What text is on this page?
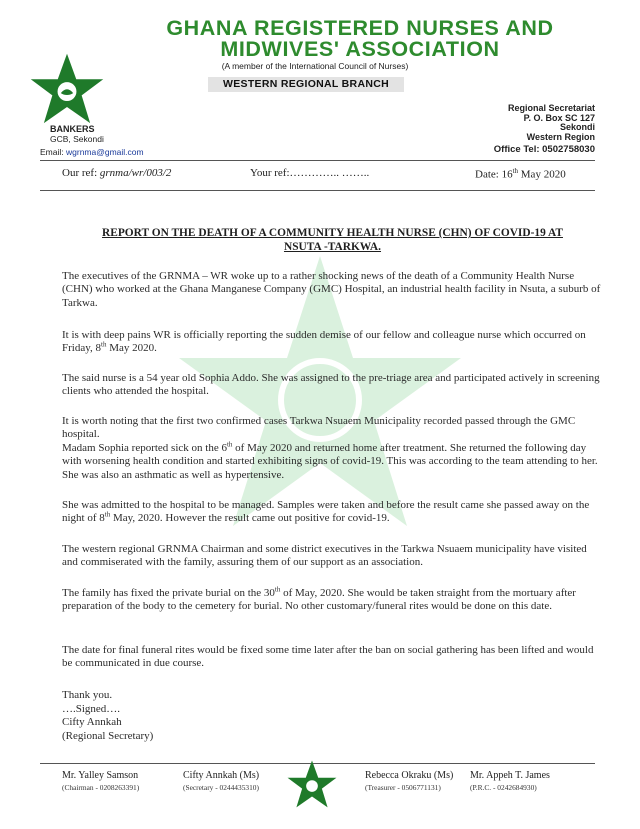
GHANA REGISTERED NURSES AND
MIDWIVES' ASSOCIATION
(A member of the International Council of Nurses)
WESTERN REGIONAL BRANCH
BANKERS
GCB, Sekondi
Email: wgrnma@gmail.com
Regional Secretariat
P. O. Box SC 127
Sekondi
Western Region
Office Tel: 0502758030
Our ref: grnma/wr/003/2	Your ref:………….. ……..	Date: 16th May 2020
REPORT ON THE DEATH OF A COMMUNITY HEALTH NURSE (CHN) OF COVID-19 AT
NSUTA -TARKWA.
The executives of the GRNMA – WR woke up to a rather shocking news of the death of a Community Health Nurse (CHN) who worked at the Ghana Manganese Company (GMC) Hospital, an industrial health facility in Nsuta, a suburb of Tarkwa.
It is with deep pains WR is officially reporting the sudden demise of our fellow and colleague nurse which occurred on Friday, 8th May 2020.
The said nurse is a 54 year old Sophia Addo. She was assigned to the pre-triage area and participated actively in screening clients who attended the hospital.
It is worth noting that the first two confirmed cases Tarkwa Nsuaem Municipality recorded passed through the GMC hospital.
Madam Sophia reported sick on the 6th of May 2020 and returned home after treatment. She returned the following day with worsening health condition and started exhibiting signs of covid-19. This was according to the team attending to her. She was also an asthmatic as well as hypertensive.
She was admitted to the hospital to be managed. Samples were taken and before the result came she passed away on the night of 8th May, 2020. However the result came out positive for covid-19.
The western regional GRNMA Chairman and some district executives in the Tarkwa Nsuaem municipality have visited and commiserated with the family, assuring them of our support as an association.
The family has fixed the private burial on the 30th of May, 2020. She would be taken straight from the mortuary after preparation of the body to the cemetery for burial. No other customary/funeral rites would be done on this date.
The date for final funeral rites would be fixed some time later after the ban on social gathering has been lifted and would be communicated in due course.
Thank you.
….Signed….
Cifty Annkah
(Regional Secretary)
Mr. Yalley Samson
(Chairman - 0208263391)
Cifty Annkah (Ms)
(Secretary - 0244435310)
Rebecca Okraku (Ms)
(Treasurer - 0506771131)
Mr. Appeh T. James
(P.R.C. - 0242684930)
